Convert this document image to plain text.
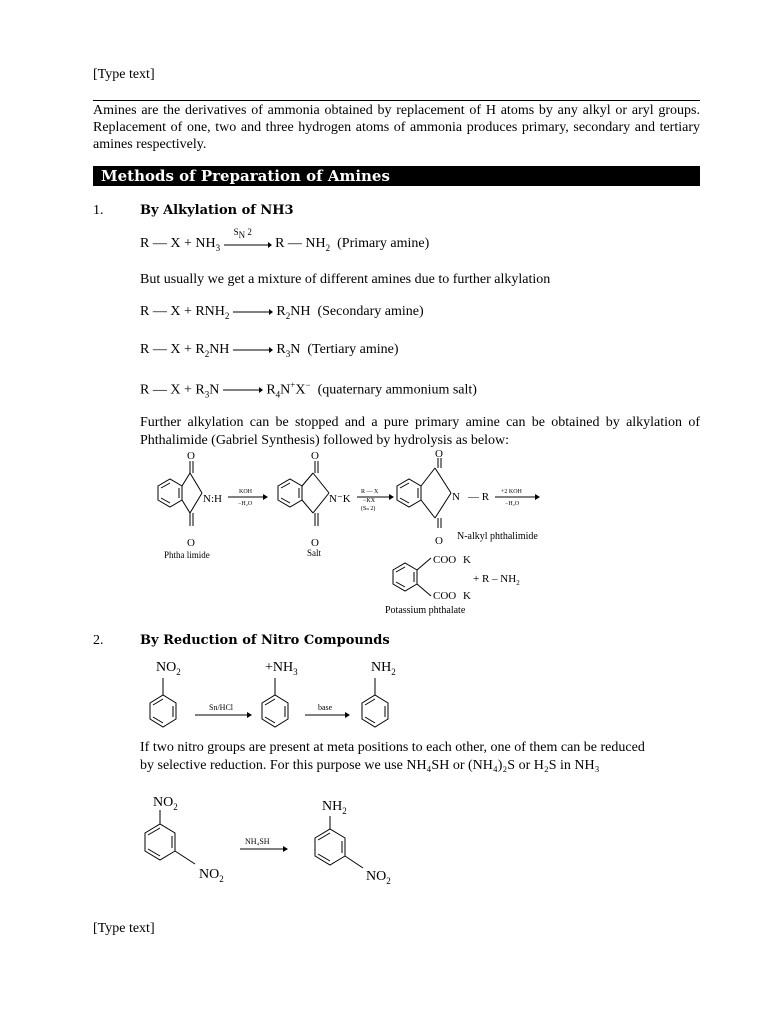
[Type text]
Amines are the derivatives of ammonia obtained by replacement of H atoms by any alkyl or aryl groups. Replacement of one, two and three hydrogen atoms of ammonia produces primary, secondary and tertiary amines respectively.
Methods of Preparation of Amines
1.	By Alkylation of NH3
R — $X + NH_3$
$S_N$ 2
R — $NH_2$ (Primary amine)
But usually we get a mixture of different amines due to further alkylation
R — $X + RNH_2 \to R_2NH$ (Secondary amine)
R — $X + R_2NH \to R_3N$ (Tertiary amine)
R — $X + R_3N \to R_4N^+X^-$ (quaternary ammonium salt)
Further alkylation can be stopped and a pure primary amine can be obtained by alkylation of Phthalimide (Gabriel Synthesis) followed by hydrolysis as below:
O
O
N:H
O
O
N⁻K
O
O
N — R
N-alkyl phthalimide
Phtha limide	Salt
COO K
COO K
+ R – $NH_2$
Potassium phthalate
KOH
−H₂O
R — X
−KX
(Sₙ 2)
+2 KOH
−H₂O
2.	By Reduction of Nitro Compounds
$NO_2$	$+NH_3$	$NH_2$
Sn/HCl	base
If two nitro groups are present at meta positions to each other, one of them can be reduced
by selective reduction. For this purpose we use NH₄SH or (NH₄)₂S or H₂S in NH₃
$NO_2$
$NO_2$
$NH_2$
$NO_2$
NH₄SH
[Type text]
